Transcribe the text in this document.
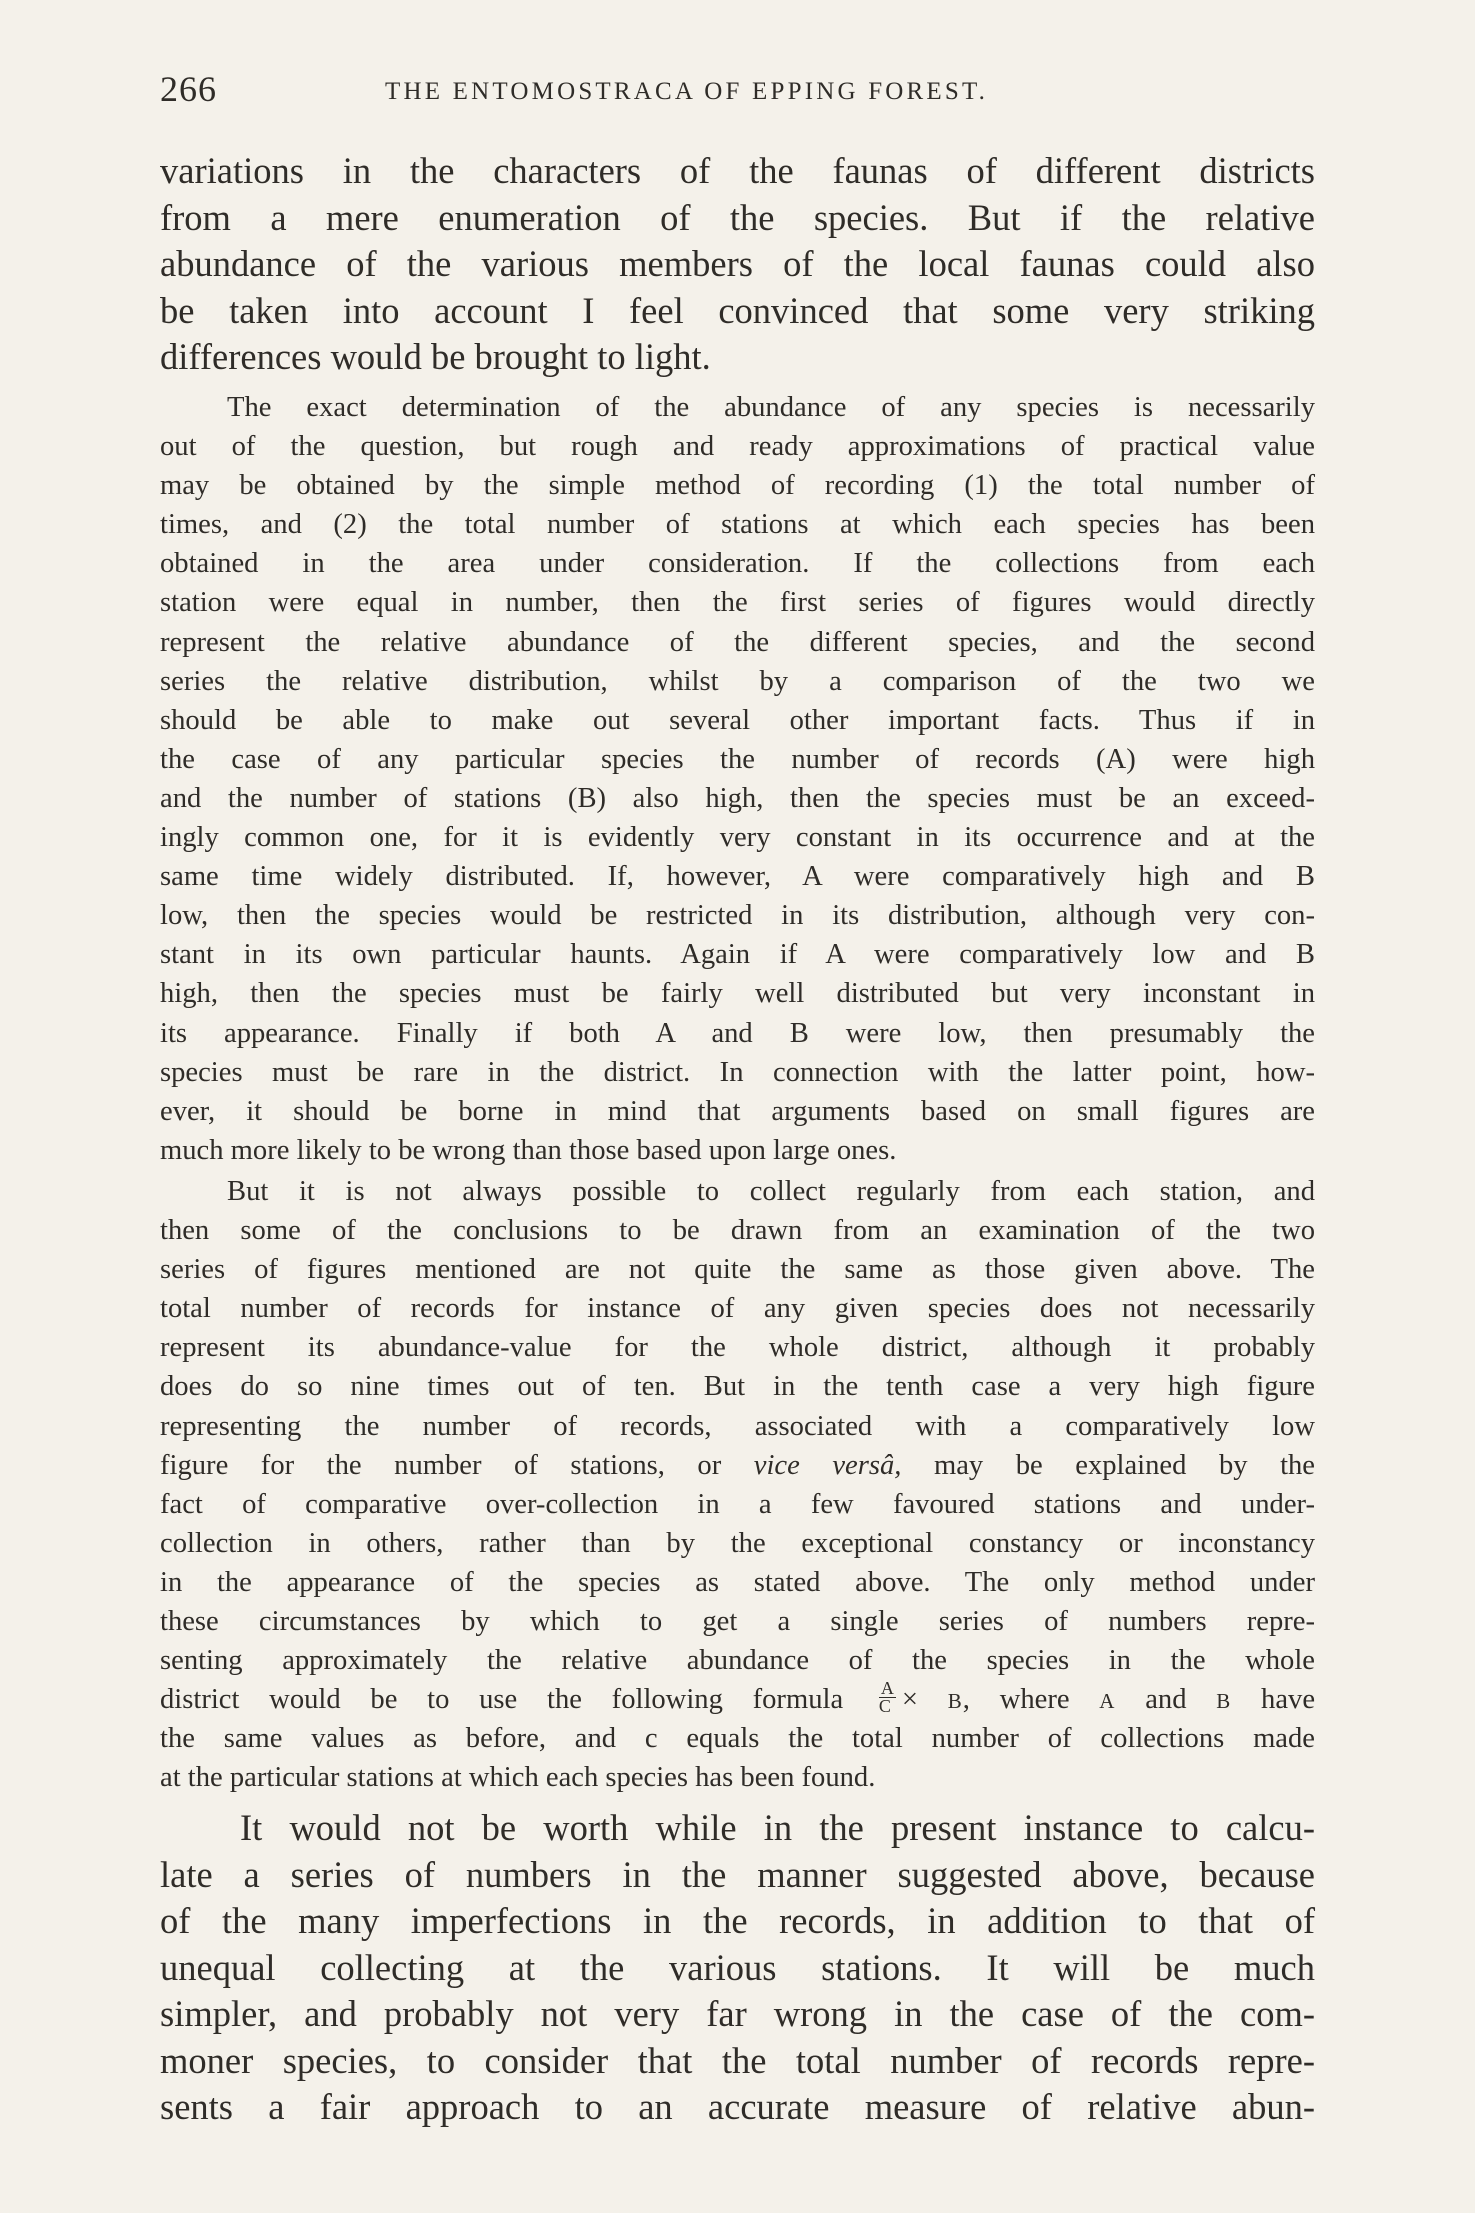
266	THE ENTOMOSTRACA OF EPPING FOREST.
variations in the characters of the faunas of different districts
from a mere enumeration of the species. But if the relative
abundance of the various members of the local faunas could also
be taken into account I feel convinced that some very striking
differences would be brought to light.
The exact determination of the abundance of any species is necessarily
out of the question, but rough and ready approximations of practical value
may be obtained by the simple method of recording (1) the total number of
times, and (2) the total number of stations at which each species has been
obtained in the area under consideration. If the collections from each
station were equal in number, then the first series of figures would directly
represent the relative abundance of the different species, and the second
series the relative distribution, whilst by a comparison of the two we
should be able to make out several other important facts. Thus if in
the case of any particular species the number of records (A) were high
and the number of stations (B) also high, then the species must be an exceed-
ingly common one, for it is evidently very constant in its occurrence and at the
same time widely distributed. If, however, A were comparatively high and B
low, then the species would be restricted in its distribution, although very con-
stant in its own particular haunts. Again if A were comparatively low and B
high, then the species must be fairly well distributed but very inconstant in
its appearance. Finally if both A and B were low, then presumably the
species must be rare in the district. In connection with the latter point, how-
ever, it should be borne in mind that arguments based on small figures are
much more likely to be wrong than those based upon large ones.
But it is not always possible to collect regularly from each station, and
then some of the conclusions to be drawn from an examination of the two
series of figures mentioned are not quite the same as those given above. The
total number of records for instance of any given species does not necessarily
represent its abundance-value for the whole district, although it probably
does do so nine times out of ten. But in the tenth case a very high figure
representing the number of records, associated with a comparatively low
figure for the number of stations, or vice versâ, may be explained by the
fact of comparative over-collection in a few favoured stations and under-
collection in others, rather than by the exceptional constancy or inconstancy
in the appearance of the species as stated above. The only method under
these circumstances by which to get a single series of numbers repre-
senting approximately the relative abundance of the species in the whole
district would be to use the following formula $\frac{A}{C} \times B$, where A and B have
the same values as before, and c equals the total number of collections made
at the particular stations at which each species has been found.
It would not be worth while in the present instance to calcu-
late a series of numbers in the manner suggested above, because
of the many imperfections in the records, in addition to that of
unequal collecting at the various stations. It will be much
simpler, and probably not very far wrong in the case of the com-
moner species, to consider that the total number of records repre-
sents a fair approach to an accurate measure of relative abun-
